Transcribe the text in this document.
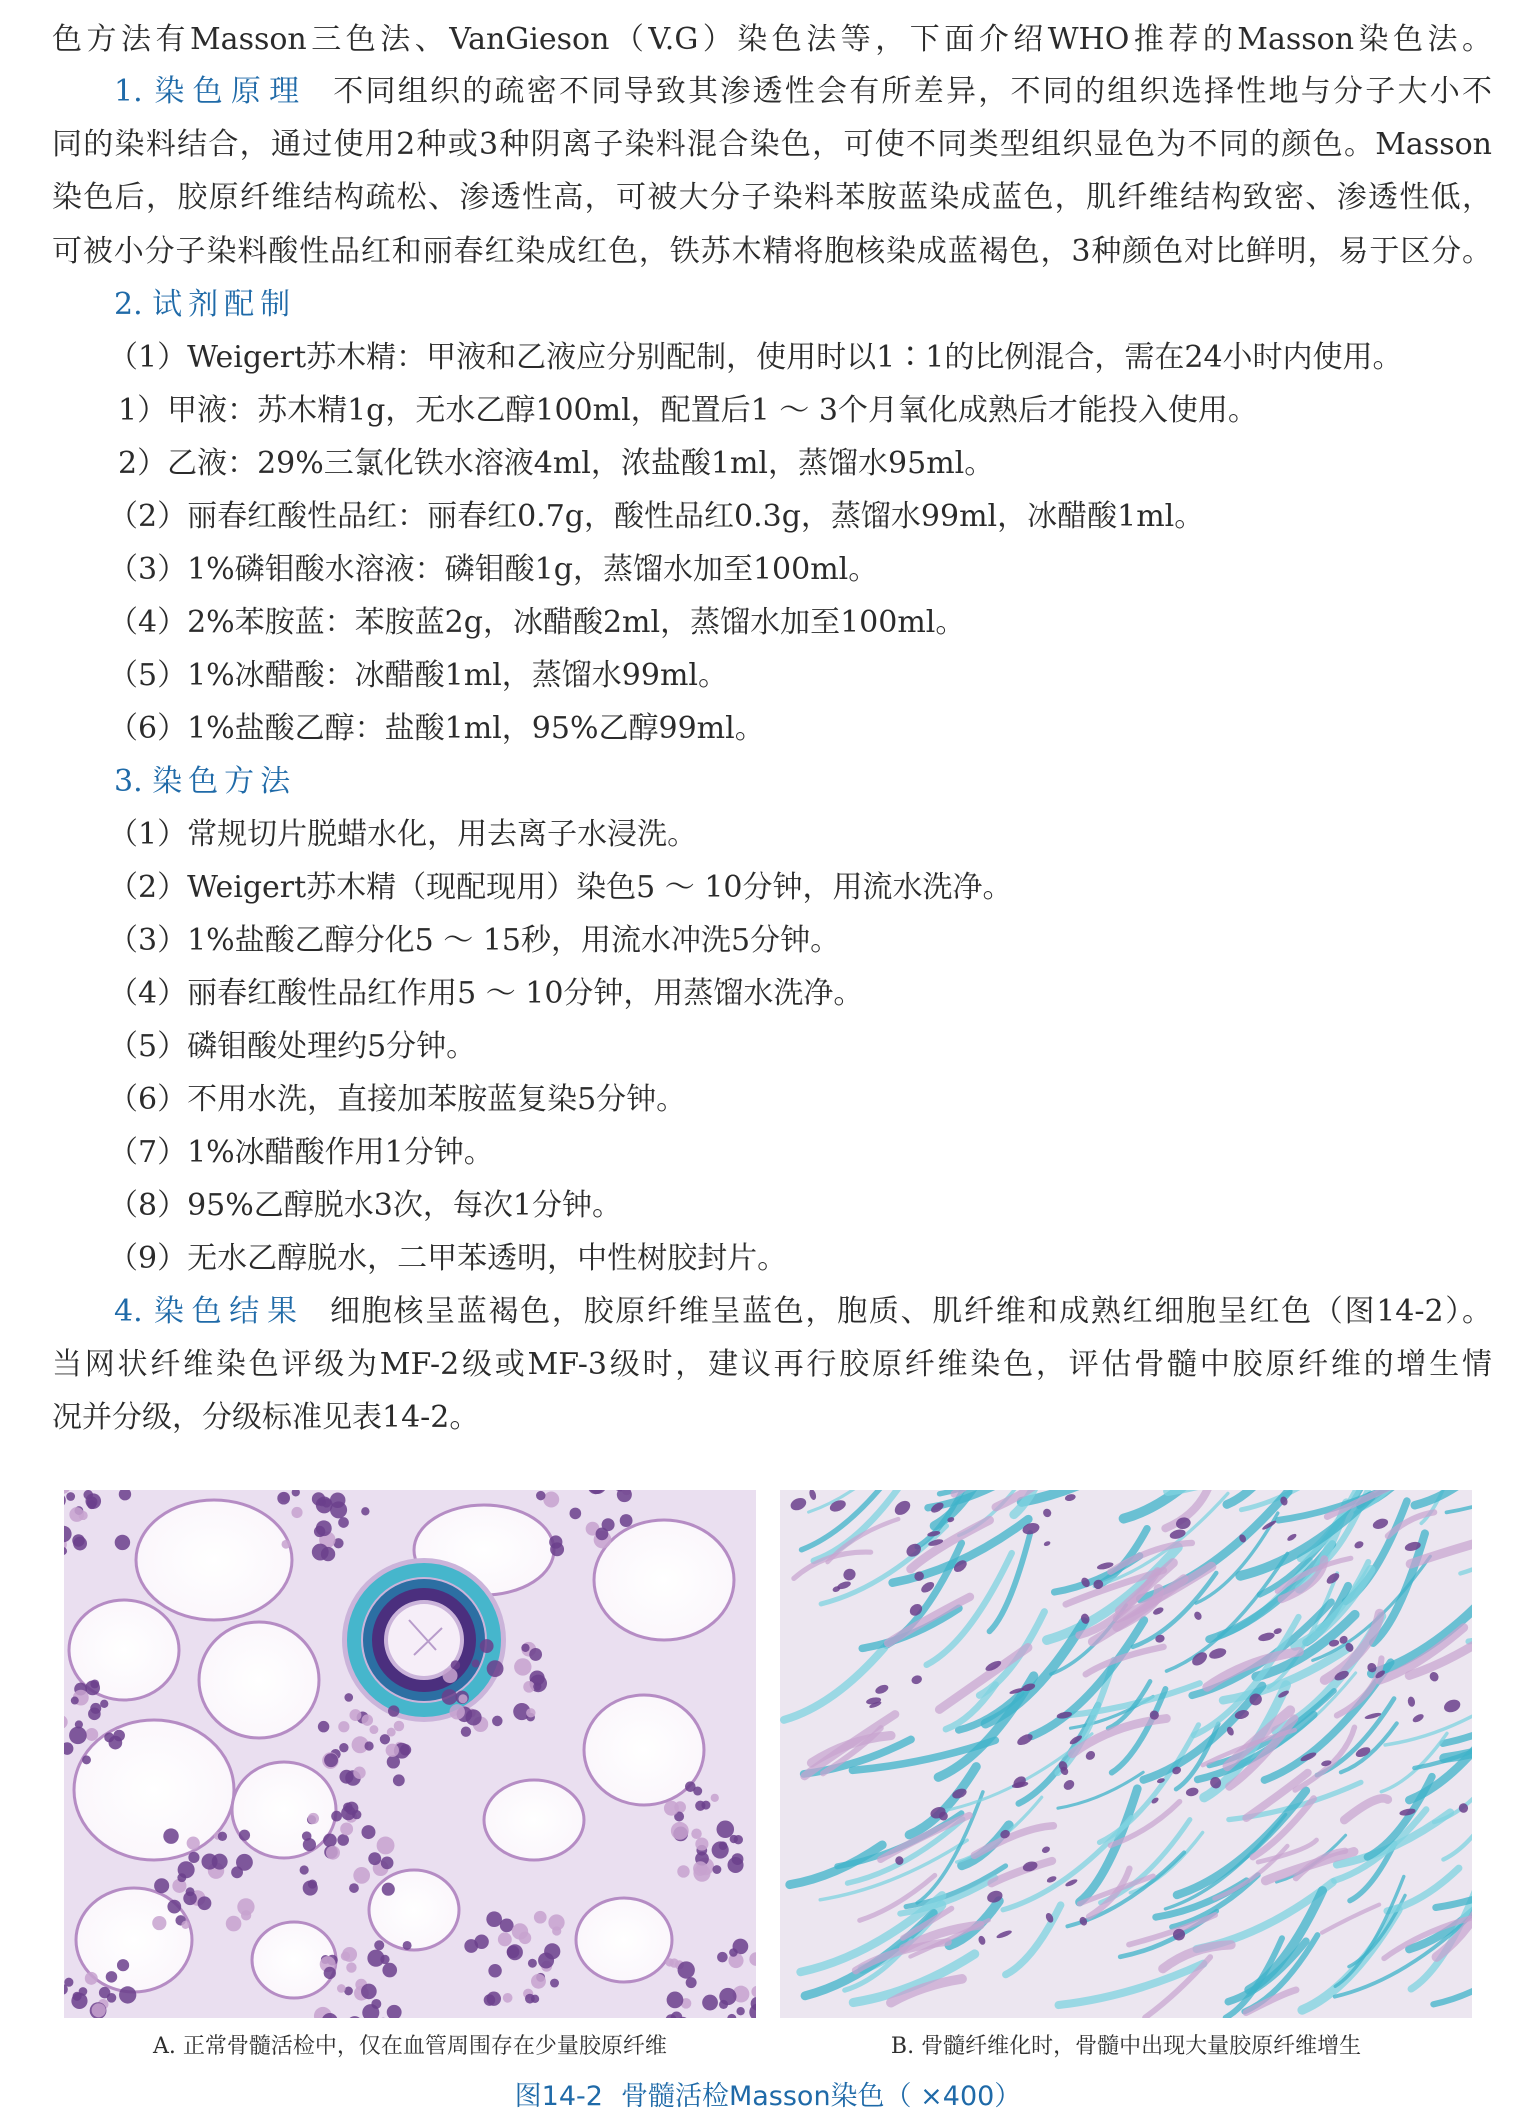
色方法有Masson三色法、VanGieson（V.G）染色法等，下面介绍WHO推荐的Masson染色法。
1. 染色原理 不同组织的疏密不同导致其渗透性会有所差异，不同的组织选择性地与分子大小不
同的染料结合，通过使用2种或3种阴离子染料混合染色，可使不同类型组织显色为不同的颜色。Masson
染色后，胶原纤维结构疏松、渗透性高，可被大分子染料苯胺蓝染成蓝色，肌纤维结构致密、渗透性低，
可被小分子染料酸性品红和丽春红染成红色，铁苏木精将胞核染成蓝褐色，3种颜色对比鲜明，易于区分。
2. 试剂配制
（1）Weigert苏木精：甲液和乙液应分别配制，使用时以1∶1的比例混合，需在24小时内使用。
1）甲液：苏木精1g，无水乙醇100ml，配置后1 ～ 3个月氧化成熟后才能投入使用。
2）乙液：29%三氯化铁水溶液4ml，浓盐酸1ml，蒸馏水95ml。
（2）丽春红酸性品红：丽春红0.7g，酸性品红0.3g，蒸馏水99ml，冰醋酸1ml。
（3）1%磷钼酸水溶液：磷钼酸1g，蒸馏水加至100ml。
（4）2%苯胺蓝：苯胺蓝2g，冰醋酸2ml，蒸馏水加至100ml。
（5）1%冰醋酸：冰醋酸1ml，蒸馏水99ml。
（6）1%盐酸乙醇：盐酸1ml，95%乙醇99ml。
3. 染色方法
（1）常规切片脱蜡水化，用去离子水浸洗。
（2）Weigert苏木精（现配现用）染色5 ～ 10分钟，用流水洗净。
（3）1%盐酸乙醇分化5 ～ 15秒，用流水冲洗5分钟。
（4）丽春红酸性品红作用5 ～ 10分钟，用蒸馏水洗净。
（5）磷钼酸处理约5分钟。
（6）不用水洗，直接加苯胺蓝复染5分钟。
（7）1%冰醋酸作用1分钟。
（8）95%乙醇脱水3次，每次1分钟。
（9）无水乙醇脱水，二甲苯透明，中性树胶封片。
4. 染色结果 细胞核呈蓝褐色，胶原纤维呈蓝色，胞质、肌纤维和成熟红细胞呈红色（图14-2）。
当网状纤维染色评级为MF-2级或MF-3级时，建议再行胶原纤维染色，评估骨髓中胶原纤维的增生情
况并分级，分级标准见表14-2。
A. 正常骨髓活检中，仅在血管周围存在少量胶原纤维	B. 骨髓纤维化时，骨髓中出现大量胶原纤维增生
图14-2 骨髓活检Masson染色（ ×400）
